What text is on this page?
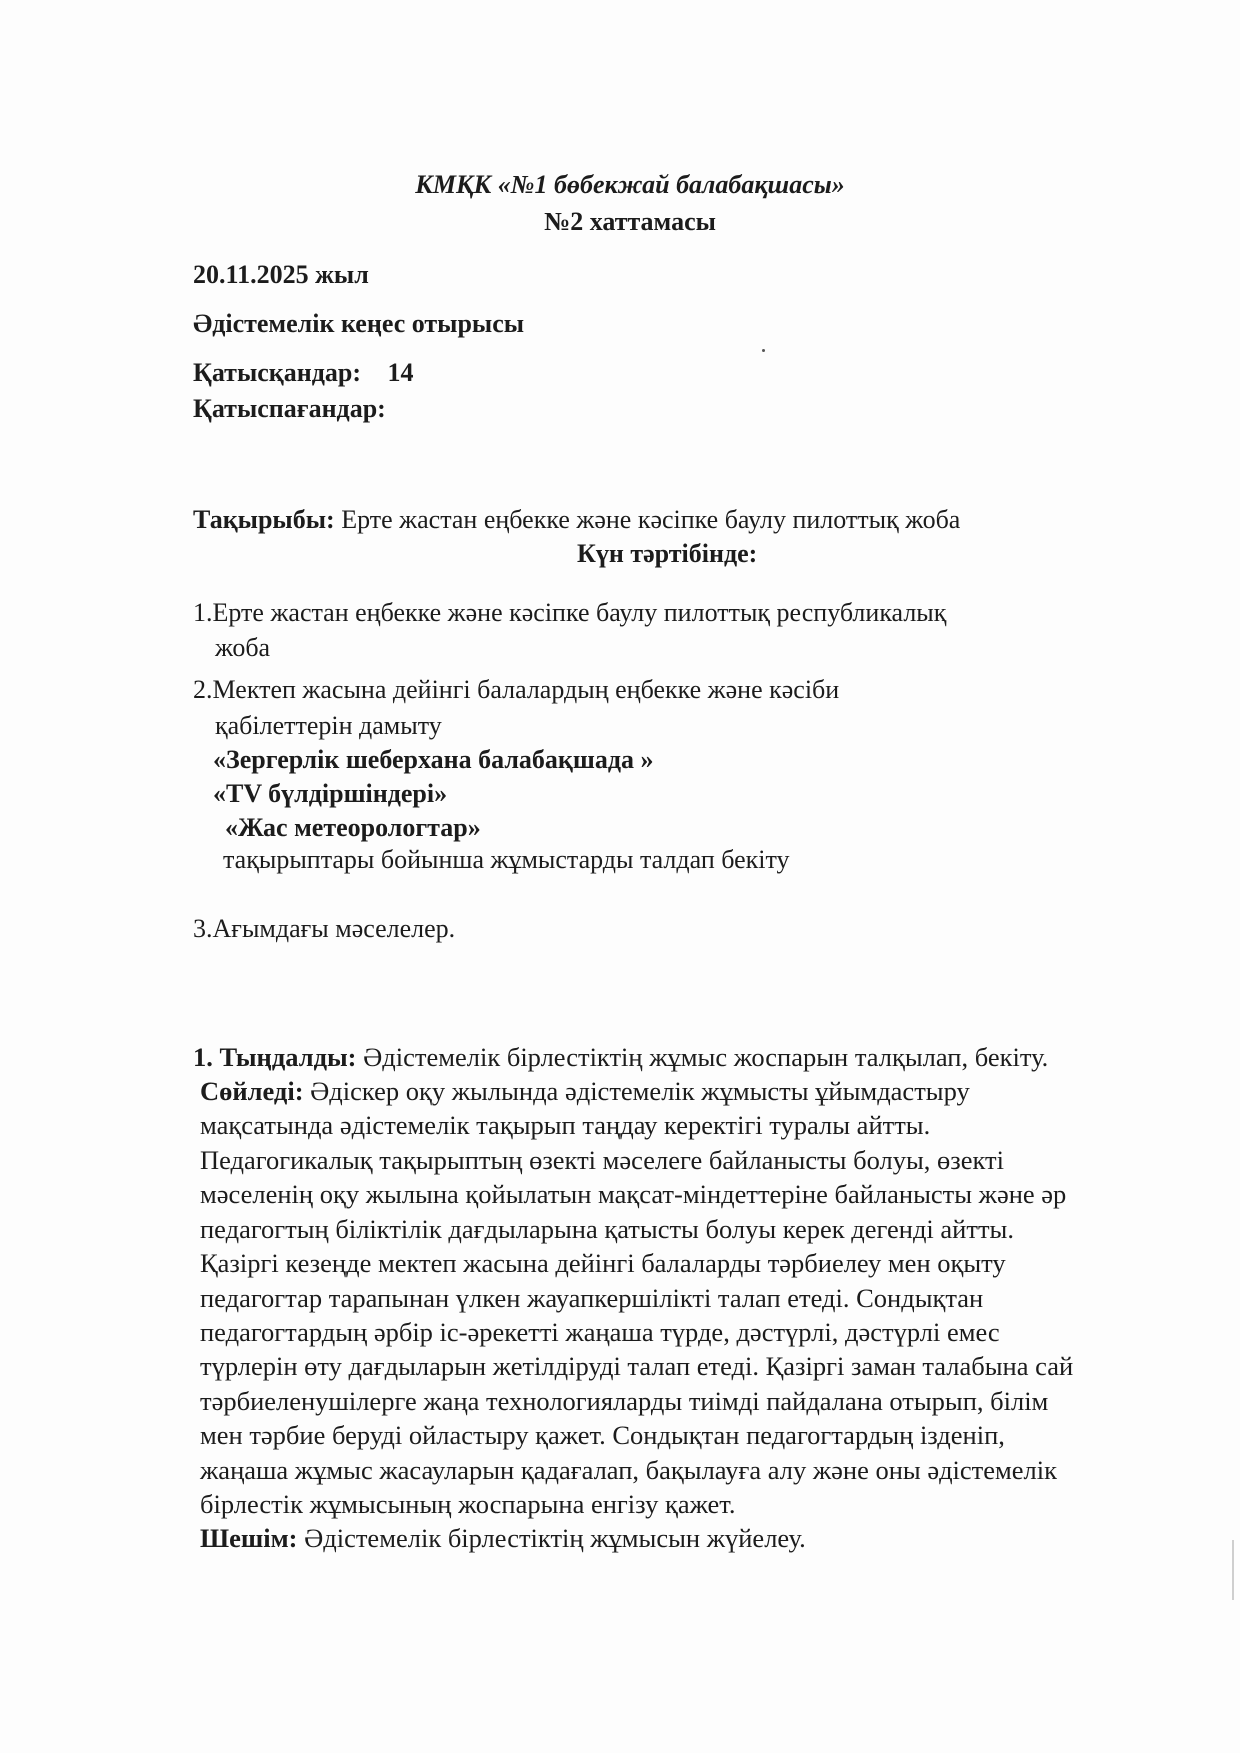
КМҚК «№1 бөбекжай балабақшасы»
№2 хаттамасы
20.11.2025 жыл
Әдістемелік кеңес отырысы
Қатысқандар: 14
Қатыспағандар:
Тақырыбы: Ерте жастан еңбекке және кәсіпке баулу пилоттық жоба
Күн тәртібінде:
1.Ерте жастан еңбекке және кәсіпке баулу пилоттық республикалық
жоба
2.Мектеп жасына дейінгі балалардың еңбекке және кәсіби
қабілеттерін дамыту
«Зергерлік шеберхана балабақшада »
«TV бүлдіршіндері»
«Жас метеорологтар»
тақырыптары бойынша жұмыстарды талдап бекіту
3.Ағымдағы мәселелер.
1. Тыңдалды: Әдістемелік бірлестіктің жұмыс жоспарын талқылап, бекіту.
Сөйледі: Әдіскер оқу жылында әдістемелік жұмысты ұйымдастыру
мақсатында әдістемелік тақырып таңдау керектігі туралы айтты.
Педагогикалық тақырыптың өзекті мәселеге байланысты болуы, өзекті
мәселенің оқу жылына қойылатын мақсат-міндеттеріне байланысты және әр
педагогтың біліктілік дағдыларына қатысты болуы керек дегенді айтты.
Қазіргі кезеңде мектеп жасына дейінгі балаларды тәрбиелеу мен оқыту
педагогтар тарапынан үлкен жауапкершілікті талап етеді. Сондықтан
педагогтардың әрбір іс-әрекетті жаңаша түрде, дәстүрлі, дәстүрлі емес
түрлерін өту дағдыларын жетілдіруді талап етеді. Қазіргі заман талабына сай
тәрбиеленушілерге жаңа технологияларды тиімді пайдалана отырып, білім
мен тәрбие беруді ойластыру қажет. Сондықтан педагогтардың ізденіп,
жаңаша жұмыс жасауларын қадағалап, бақылауға алу және оны әдістемелік
бірлестік жұмысының жоспарына енгізу қажет.
Шешім: Әдістемелік бірлестіктің жұмысын жүйелеу.
